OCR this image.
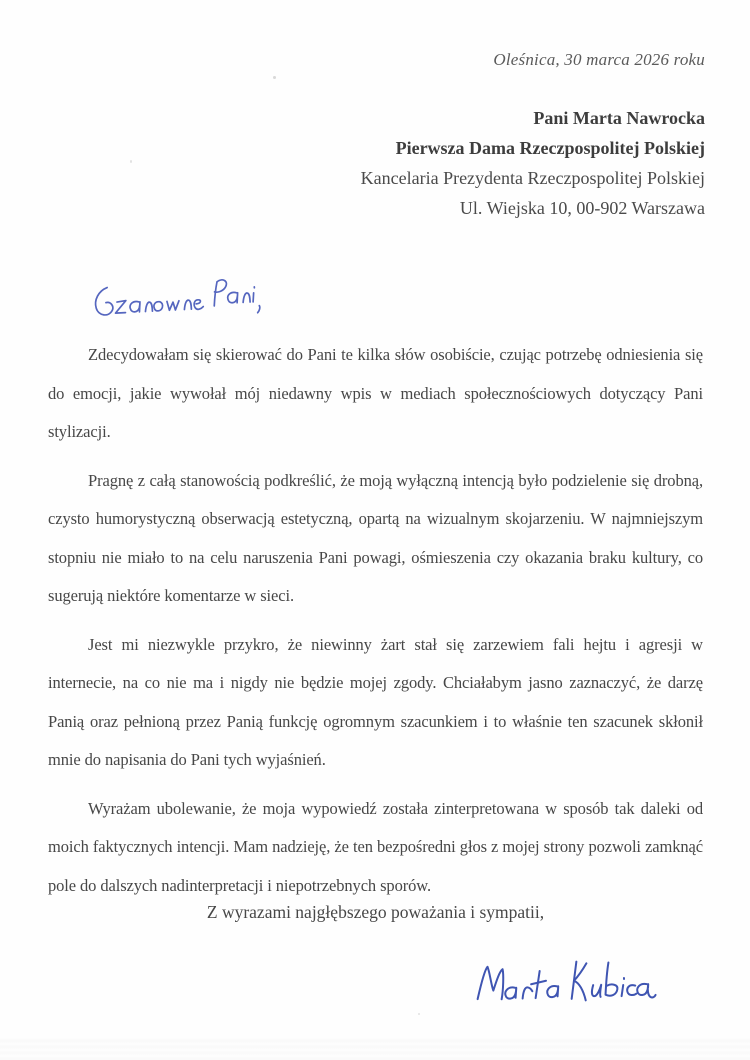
Oleśnica, 30 marca 2026 roku
Pani Marta Nawrocka
Pierwsza Dama Rzeczpospolitej Polskiej
Kancelaria Prezydenta Rzeczpospolitej Polskiej
Ul. Wiejska 10, 00-902 Warszawa

Zdecydowałam się skierować do Pani te kilka słów osobiście, czując potrzebę odniesienia się do emocji, jakie wywołał mój niedawny wpis w mediach społecznościowych dotyczący Pani stylizacji.

Pragnę z całą stanowością podkreślić, że moją wyłączną intencją było podzielenie się drobną, czysto humorystyczną obserwacją estetyczną, opartą na wizualnym skojarzeniu. W najmniejszym stopniu nie miało to na celu naruszenia Pani powagi, ośmieszenia czy okazania braku kultury, co sugerują niektóre komentarze w sieci.

Jest mi niezwykle przykro, że niewinny żart stał się zarzewiem fali hejtu i agresji w internecie, na co nie ma i nigdy nie będzie mojej zgody. Chciałabym jasno zaznaczyć, że darzę Panią oraz pełnioną przez Panią funkcję ogromnym szacunkiem i to właśnie ten szacunek skłonił mnie do napisania do Pani tych wyjaśnień.

Wyrażam ubolewanie, że moja wypowiedź została zinterpretowana w sposób tak daleki od moich faktycznych intencji. Mam nadzieję, że ten bezpośredni głos z mojej strony pozwoli zamknąć pole do dalszych nadinterpretacji i niepotrzebnych sporów.

Z wyrazami najgłębszego poważania i sympatii,
